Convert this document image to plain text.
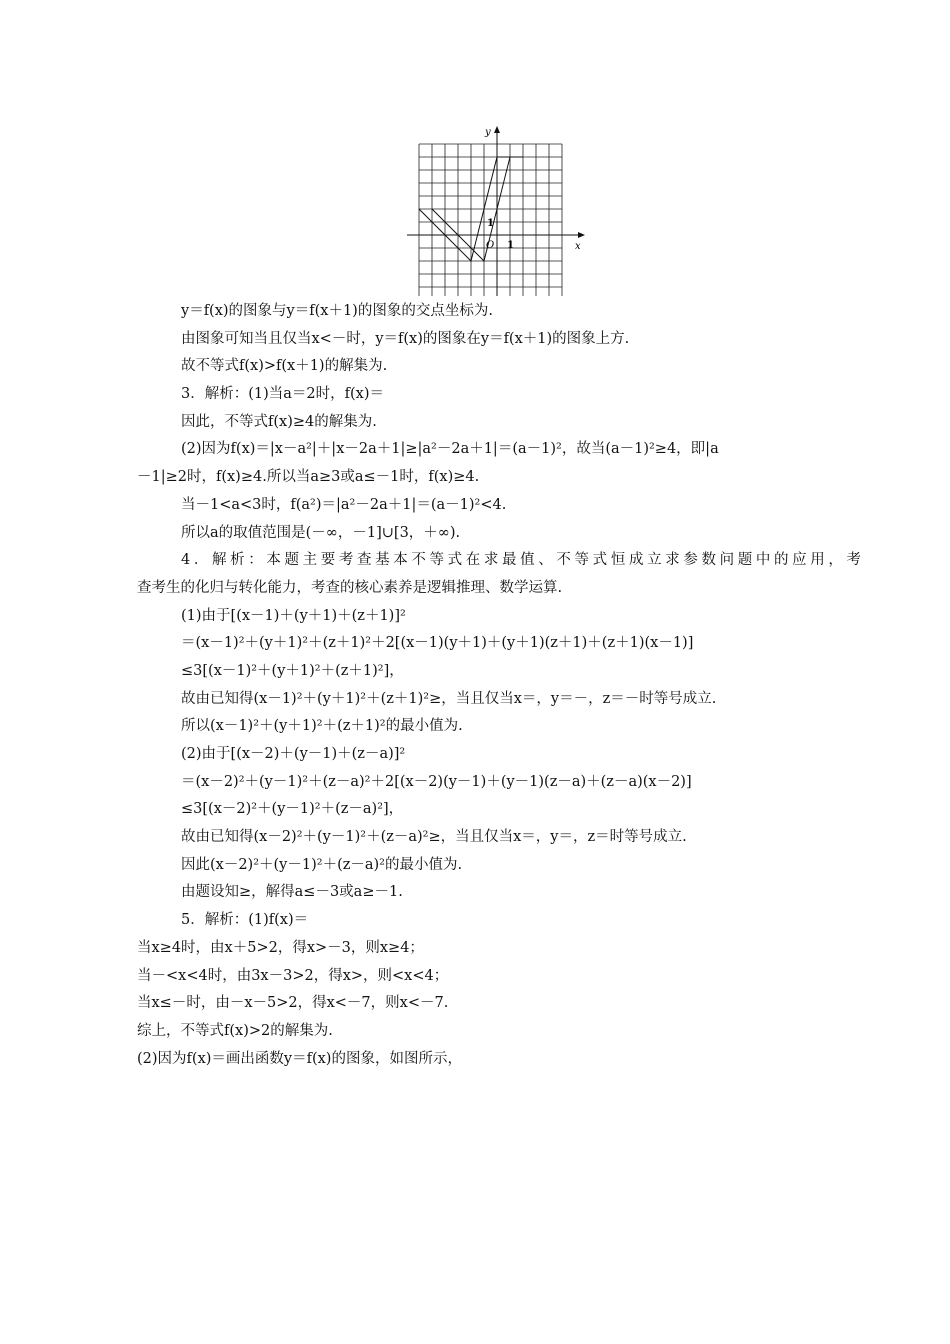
x
y
O 1
1
y＝f(x)的图象与y＝f(x＋1)的图象的交点坐标为.
由图象可知当且仅当x<－时，y＝f(x)的图象在y＝f(x＋1)的图象上方.
故不等式f(x)>f(x＋1)的解集为.
3．解析：(1)当a＝2时，f(x)＝
因此，不等式f(x)≥4的解集为.
(2)因为f(x)＝|x－a²|＋|x－2a＋1|≥|a²－2a＋1|＝(a－1)²，故当(a－1)²≥4，即|a
－1|≥2时，f(x)≥4.所以当a≥3或a≤－1时，f(x)≥4.
当－1<a<3时，f(a²)＝|a²－2a＋1|＝(a－1)²<4.
所以a的取值范围是(－∞，－1]∪[3，＋∞).
4．解析：本题主要考查基本不等式在求最值、不等式恒成立求参数问题中的应用，考
查考生的化归与转化能力，考查的核心素养是逻辑推理、数学运算.
(1)由于[(x－1)＋(y＋1)＋(z＋1)]²
＝(x－1)²＋(y＋1)²＋(z＋1)²＋2[(x－1)(y＋1)＋(y＋1)(z＋1)＋(z＋1)(x－1)]
≤3[(x－1)²＋(y＋1)²＋(z＋1)²]，
故由已知得(x－1)²＋(y＋1)²＋(z＋1)²≥，当且仅当x＝，y＝－，z＝－时等号成立.
所以(x－1)²＋(y＋1)²＋(z＋1)²的最小值为.
(2)由于[(x－2)＋(y－1)＋(z－a)]²
＝(x－2)²＋(y－1)²＋(z－a)²＋2[(x－2)(y－1)＋(y－1)(z－a)＋(z－a)(x－2)]
≤3[(x－2)²＋(y－1)²＋(z－a)²]，
故由已知得(x－2)²＋(y－1)²＋(z－a)²≥，当且仅当x＝，y＝，z＝时等号成立.
因此(x－2)²＋(y－1)²＋(z－a)²的最小值为.
由题设知≥，解得a≤－3或a≥－1.
5．解析：(1)f(x)＝
当x≥4时，由x＋5>2，得x>－3，则x≥4；
当－<x<4时，由3x－3>2，得x>，则<x<4；
当x≤－时，由－x－5>2，得x<－7，则x<－7.
综上，不等式f(x)>2的解集为.
(2)因为f(x)＝画出函数y＝f(x)的图象，如图所示，
